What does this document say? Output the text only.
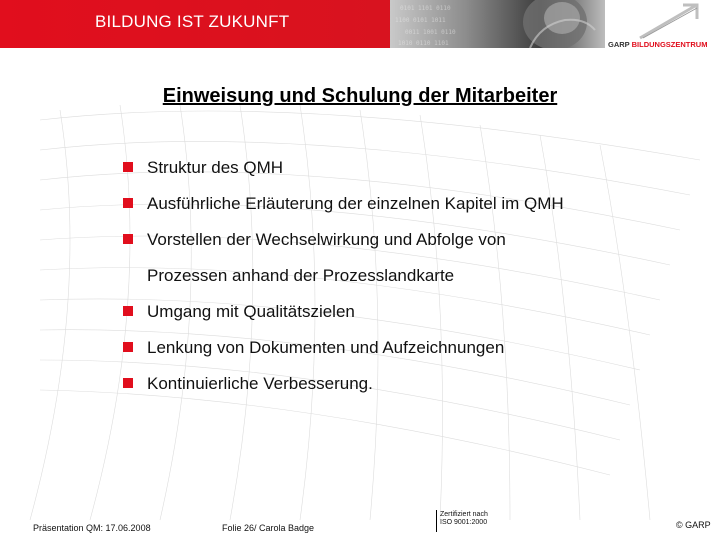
0101 1101 0110
1100 0101 1011
0011 1001 0110
1010 0110 1101
BILDUNG IST ZUKUNFT
GARP BILDUNGSZENTRUM
Einweisung und Schulung der Mitarbeiter
Struktur des QMH
Ausführliche Erläuterung der einzelnen Kapitel im QMH
Vorstellen der Wechselwirkung und Abfolge von
Prozessen anhand der Prozesslandkarte
Umgang mit Qualitätszielen
Lenkung von Dokumenten und Aufzeichnungen
Kontinuierliche Verbesserung.
Präsentation QM: 17.06.2008	Folie 26/ Carola Badge
Zertifiziert nach
ISO 9001:2000	© GARP
